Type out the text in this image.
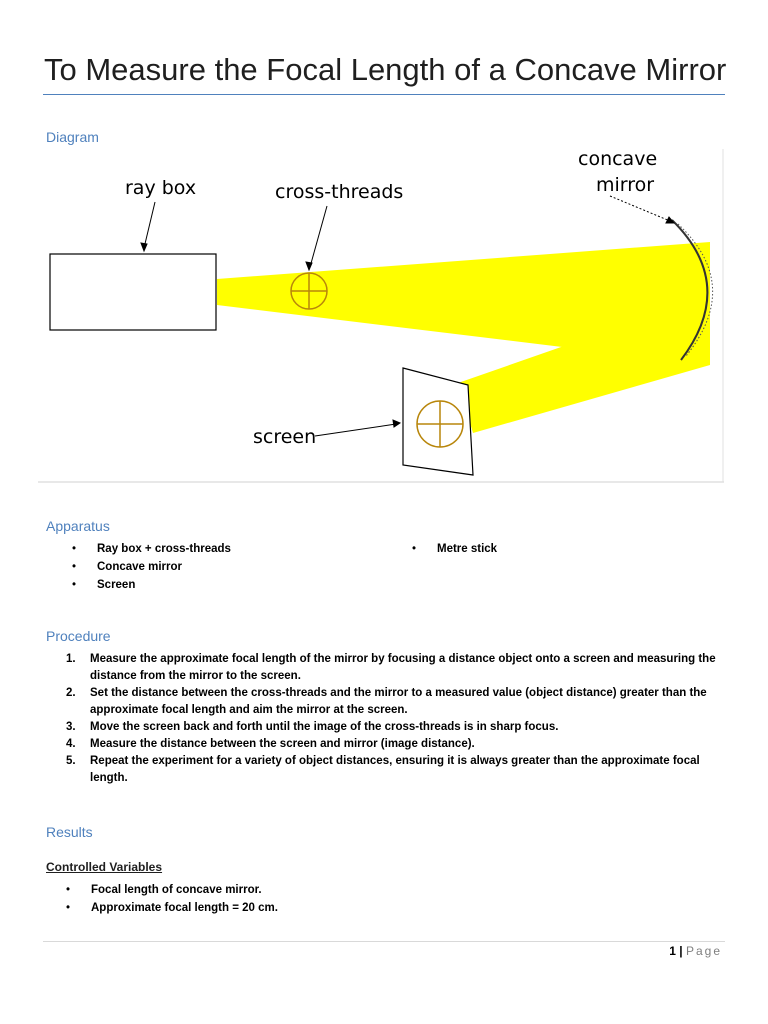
To Measure the Focal Length of a Concave Mirror
Diagram
ray box	cross-threads
concave
mirror
screen
Apparatus
• Ray box + cross-threads
• Concave mirror
• Screen
• Metre stick
Procedure
1. Measure the approximate focal length of the mirror by focusing a distance object onto a screen and measuring the distance from the mirror to the screen.
2. Set the distance between the cross-threads and the mirror to a measured value (object distance) greater than the approximate focal length and aim the mirror at the screen.
3. Move the screen back and forth until the image of the cross-threads is in sharp focus.
4. Measure the distance between the screen and mirror (image distance).
5. Repeat the experiment for a variety of object distances, ensuring it is always greater than the approximate focal length.
Results
Controlled Variables
• Focal length of concave mirror.
• Approximate focal length = 20 cm.
1 | Page
